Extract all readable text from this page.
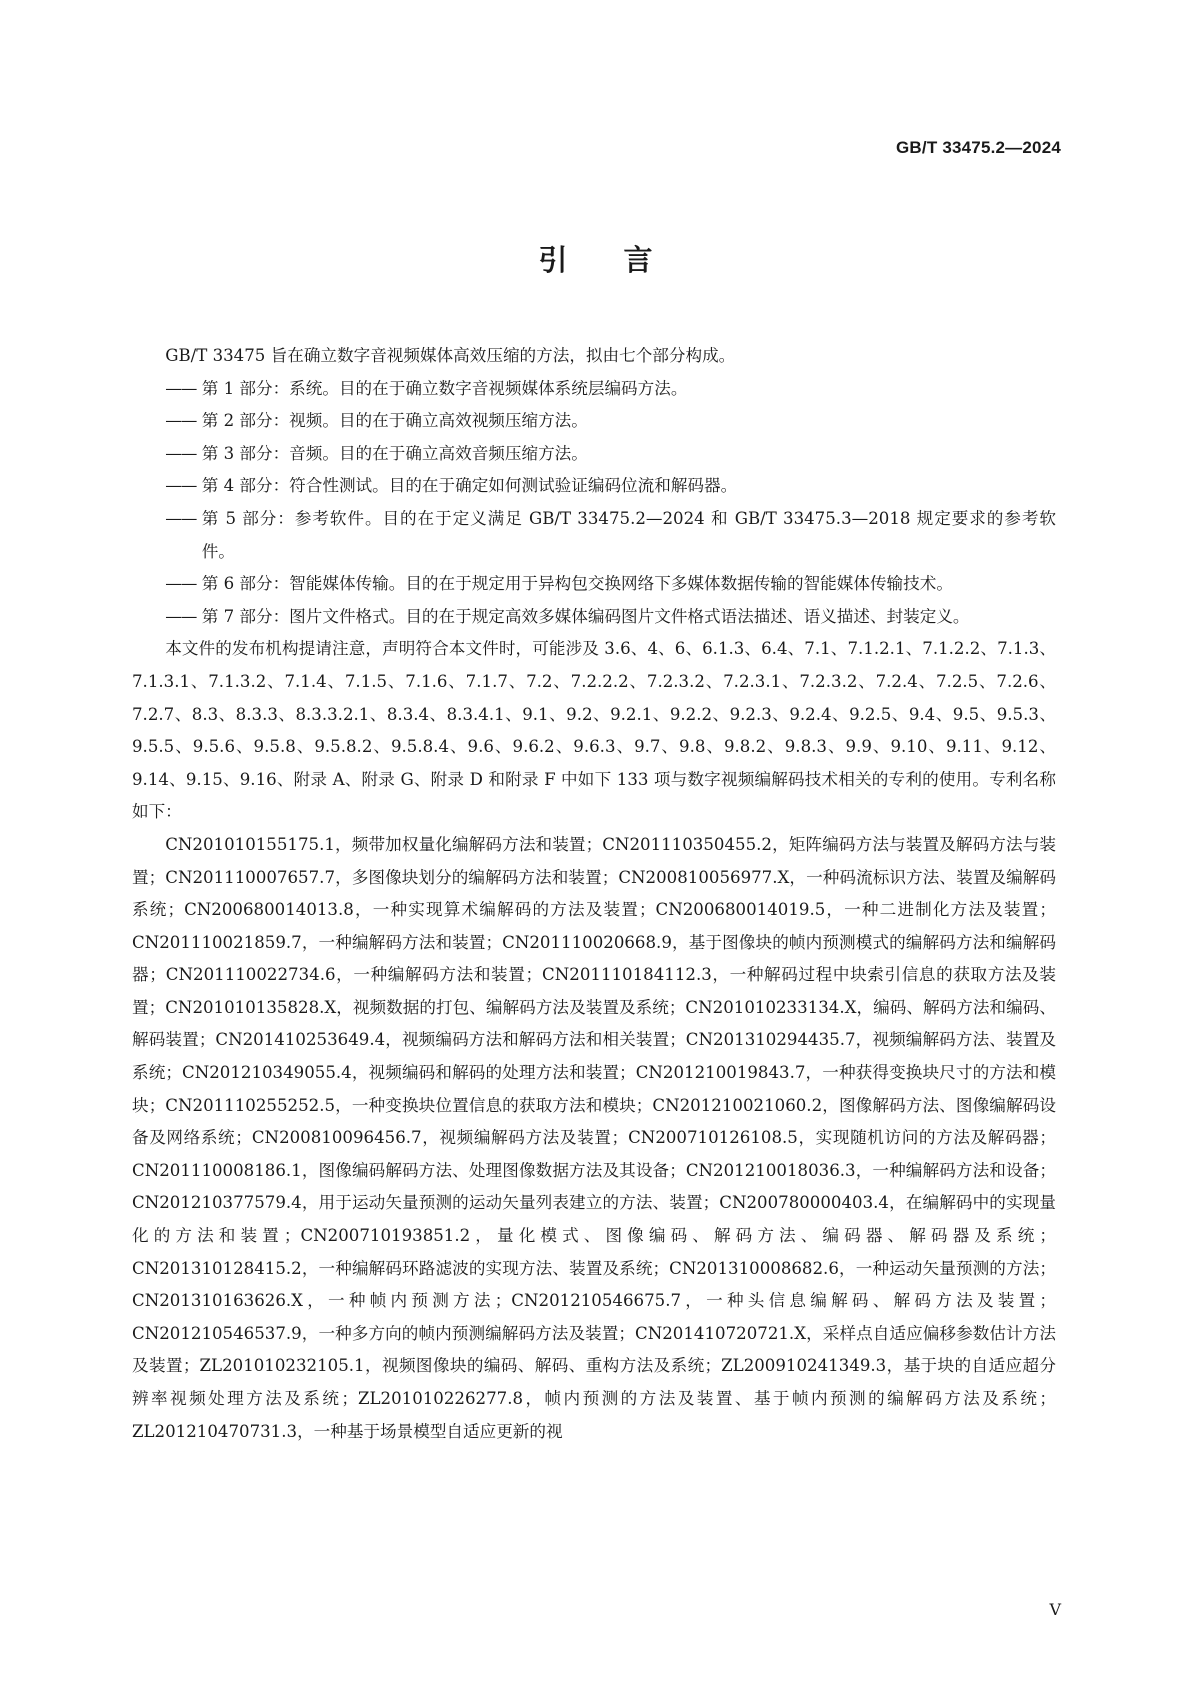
GB/T 33475.2—2024
引言

GB/T 33475 旨在确立数字音视频媒体高效压缩的方法，拟由七个部分构成。

—— 第 1 部分：系统。目的在于确立数字音视频媒体系统层编码方法。
—— 第 2 部分：视频。目的在于确立高效视频压缩方法。
—— 第 3 部分：音频。目的在于确立高效音频压缩方法。
—— 第 4 部分：符合性测试。目的在于确定如何测试验证编码位流和解码器。
—— 第 5 部分：参考软件。目的在于定义满足 GB/T 33475.2—2024 和 GB/T 33475.3—2018 规定要求的参考软件。
—— 第 6 部分：智能媒体传输。目的在于规定用于异构包交换网络下多媒体数据传输的智能媒体传输技术。
—— 第 7 部分：图片文件格式。目的在于规定高效多媒体编码图片文件格式语法描述、语义描述、封装定义。

本文件的发布机构提请注意，声明符合本文件时，可能涉及 3.6、4、6、6.1.3、6.4、7.1、7.1.2.1、7.1.2.2、7.1.3、7.1.3.1、7.1.3.2、7.1.4、7.1.5、7.1.6、7.1.7、7.2、7.2.2.2、7.2.3.2、7.2.3.1、7.2.3.2、7.2.4、7.2.5、7.2.6、7.2.7、8.3、8.3.3、8.3.3.2.1、8.3.4、8.3.4.1、9.1、9.2、9.2.1、9.2.2、9.2.3、9.2.4、9.2.5、9.4、9.5、9.5.3、9.5.5、9.5.6、9.5.8、9.5.8.2、9.5.8.4、9.6、9.6.2、9.6.3、9.7、9.8、9.8.2、9.8.3、9.9、9.10、9.11、9.12、9.14、9.15、9.16、附录 A、附录 G、附录 D 和附录 F 中如下 133 项与数字视频编解码技术相关的专利的使用。专利名称如下：

CN201010155175.1，频带加权量化编解码方法和装置；CN201110350455.2，矩阵编码方法与装置及解码方法与装置；CN201110007657.7，多图像块划分的编解码方法和装置；CN200810056977.X，一种码流标识方法、装置及编解码系统；CN200680014013.8，一种实现算术编解码的方法及装置；CN200680014019.5，一种二进制化方法及装置；CN201110021859.7，一种编解码方法和装置；CN201110020668.9，基于图像块的帧内预测模式的编解码方法和编解码器；CN201110022734.6，一种编解码方法和装置；CN201110184112.3，一种解码过程中块索引信息的获取方法及装置；CN201010135828.X，视频数据的打包、编解码方法及装置及系统；CN201010233134.X，编码、解码方法和编码、解码装置；CN201410253649.4，视频编码方法和解码方法和相关装置；CN201310294435.7，视频编解码方法、装置及系统；CN201210349055.4，视频编码和解码的处理方法和装置；CN201210019843.7，一种获得变换块尺寸的方法和模块；CN201110255252.5，一种变换块位置信息的获取方法和模块；CN201210021060.2，图像解码方法、图像编解码设备及网络系统；CN200810096456.7，视频编解码方法及装置；CN200710126108.5，实现随机访问的方法及解码器；CN201110008186.1，图像编码解码方法、处理图像数据方法及其设备；CN201210018036.3，一种编解码方法和设备；CN201210377579.4，用于运动矢量预测的运动矢量列表建立的方法、装置；CN200780000403.4，在编解码中的实现量化的方法和装置；CN200710193851.2，量化模式、图像编码、解码方法、编码器、解码器及系统；CN201310128415.2，一种编解码环路滤波的实现方法、装置及系统；CN201310008682.6，一种运动矢量预测的方法；CN201310163626.X，一种帧内预测方法；CN201210546675.7，一种头信息编解码、解码方法及装置；CN201210546537.9，一种多方向的帧内预测编解码方法及装置；CN201410720721.X，采样点自适应偏移参数估计方法及装置；ZL201010232105.1，视频图像块的编码、解码、重构方法及系统；ZL200910241349.3，基于块的自适应超分辨率视频处理方法及系统；ZL201010226277.8，帧内预测的方法及装置、基于帧内预测的编解码方法及系统；ZL201210470731.3，一种基于场景模型自适应更新的视

V
